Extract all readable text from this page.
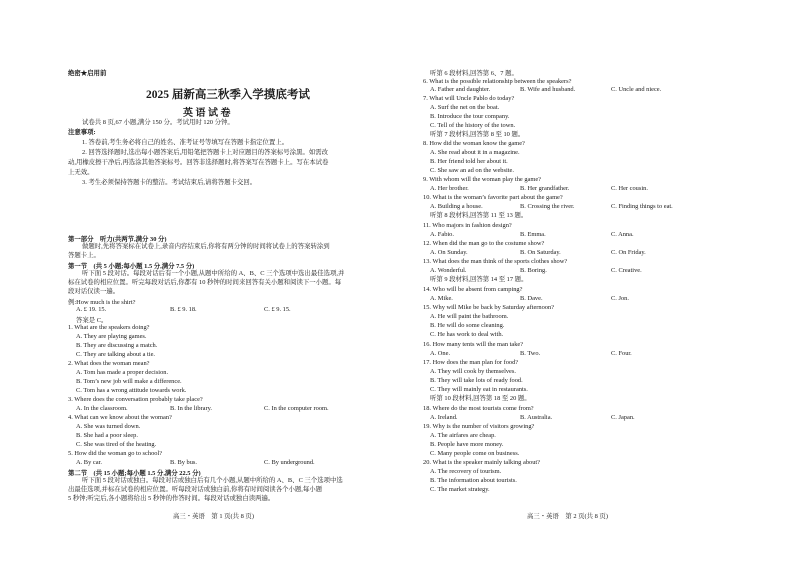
绝密★启用前
2025 届新高三秋季入学摸底考试
英 语 试 卷
试卷共 8 页,67 小题,满分 150 分。考试用时 120 分钟。
注意事项:
1. 答卷前,考生务必将自己的姓名、准考证号等填写在答题卡指定位置上。
2. 回答选择题时,选出每小题答案后,用铅笔把答题卡上对应题目的答案标号涂黑。如需改
动,用橡皮擦干净后,再选涂其他答案标号。回答非选择题时,将答案写在答题卡上。写在本试卷
上无效。
3. 考生必须保持答题卡的整洁。考试结束后,请将答题卡交回。
第一部分　听力(共两节,满分 30 分)
做题时,先将答案标在试卷上,录音内容结束后,你将有两分钟的时间将试卷上的答案转涂到
答题卡上。
第一节　(共 5 小题;每小题 1.5 分,满分 7.5 分)
听下面 5 段对话。每段对话后有一个小题,从题中所给的 A、B、C 三个选项中选出最佳选项,并
标在试卷的相应位置。听完每段对话后,你都有 10 秒钟的时间来回答有关小题和阅读下一小题。每
段对话仅读一遍。
例:How much is the shirt?
A. £ 19. 15.	B. £ 9. 18.	C. £ 9. 15.
答案是 C。
1. What are the speakers doing?
A. They are playing games.
B. They are discussing a match.
C. They are talking about a tie.
2. What does the woman mean?
A. Tom has made a proper decision.
B. Tom’s new job will make a difference.
C. Tom has a wrong attitude towards work.
3. Where does the conversation probably take place?
A. In the classroom.	B. In the library.	C. In the computer room.
4. What can we know about the woman?
A. She was turned down.
B. She had a poor sleep.
C. She was tired of the heating.
5. How did the woman go to school?
A. By car.	B. By bus.	C. By underground.
第二节　(共 15 小题;每小题 1.5 分,满分 22.5 分)
听下面 5 段对话或独白。每段对话或独白后有几个小题,从题中所给的 A、B、C 三个选项中选
出最佳选项,并标在试卷的相应位置。听每段对话或独白前,你将有时间阅读各个小题,每小题
5 秒钟;听完后,各小题将给出 5 秒钟的作答时间。每段对话或独白读两遍。
高三・英语　第 1 页(共 8 页)
听第 6 段材料,回答第 6、7 题。
6. What is the possible relationship between the speakers?
A. Father and daughter.	B. Wife and husband.	C. Uncle and niece.
7. What will Uncle Pablo do today?
A. Surf the net on the boat.
B. Introduce the tour company.
C. Tell of the history of the town.
听第 7 段材料,回答第 8 至 10 题。
8. How did the woman know the game?
A. She read about it in a magazine.
B. Her friend told her about it.
C. She saw an ad on the website.
9. With whom will the woman play the game?
A. Her brother.	B. Her grandfather.	C. Her cousin.
10. What is the woman’s favorite part about the game?
A. Building a house.	B. Crossing the river.	C. Finding things to eat.
听第 8 段材料,回答第 11 至 13 题。
11. Who majors in fashion design?
A. Fabio.	B. Emma.	C. Anna.
12. When did the man go to the costume show?
A. On Sunday.	B. On Saturday.	C. On Friday.
13. What does the man think of the sports clothes show?
A. Wonderful.	B. Boring.	C. Creative.
听第 9 段材料,回答第 14 至 17 题。
14. Who will be absent from camping?
A. Mike.	B. Dave.	C. Jon.
15. Why will Mike be back by Saturday afternoon?
A. He will paint the bathroom.
B. He will do some cleaning.
C. He has work to deal with.
16. How many tents will the man take?
A. One.	B. Two.	C. Four.
17. How does the man plan for food?
A. They will cook by themselves.
B. They will take lots of ready food.
C. They will mainly eat in restaurants.
听第 10 段材料,回答第 18 至 20 题。
18. Where do the most tourists come from?
A. Ireland.	B. Australia.	C. Japan.
19. Why is the number of visitors growing?
A. The airfares are cheap.
B. People have more money.
C. Many people come on business.
20. What is the speaker mainly talking about?
A. The recovery of tourism.
B. The information about tourists.
C. The market strategy.
高三・英语　第 2 页(共 8 页)
